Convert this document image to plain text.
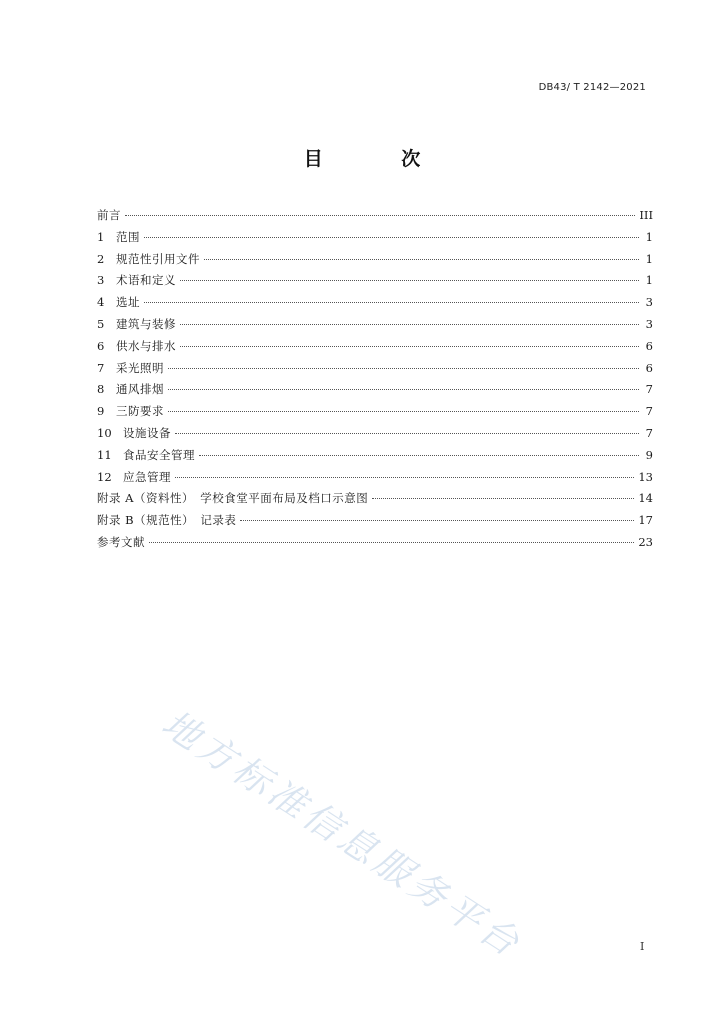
DB43/ T 2142—2021
目 次
前言	III
1	范围	1
2	规范性引用文件	1
3	术语和定义	1
4	选址	3
5	建筑与装修	3
6	供水与排水	6
7	采光照明	6
8	通风排烟	7
9	三防要求	7
10 设施设备	7
11 食品安全管理	9
12 应急管理	13
附录 A（资料性）　学校食堂平面布局及档口示意图	14
附录 B（规范性）　记录表	17
参考文献	23
地方标准信息服务平台	I
